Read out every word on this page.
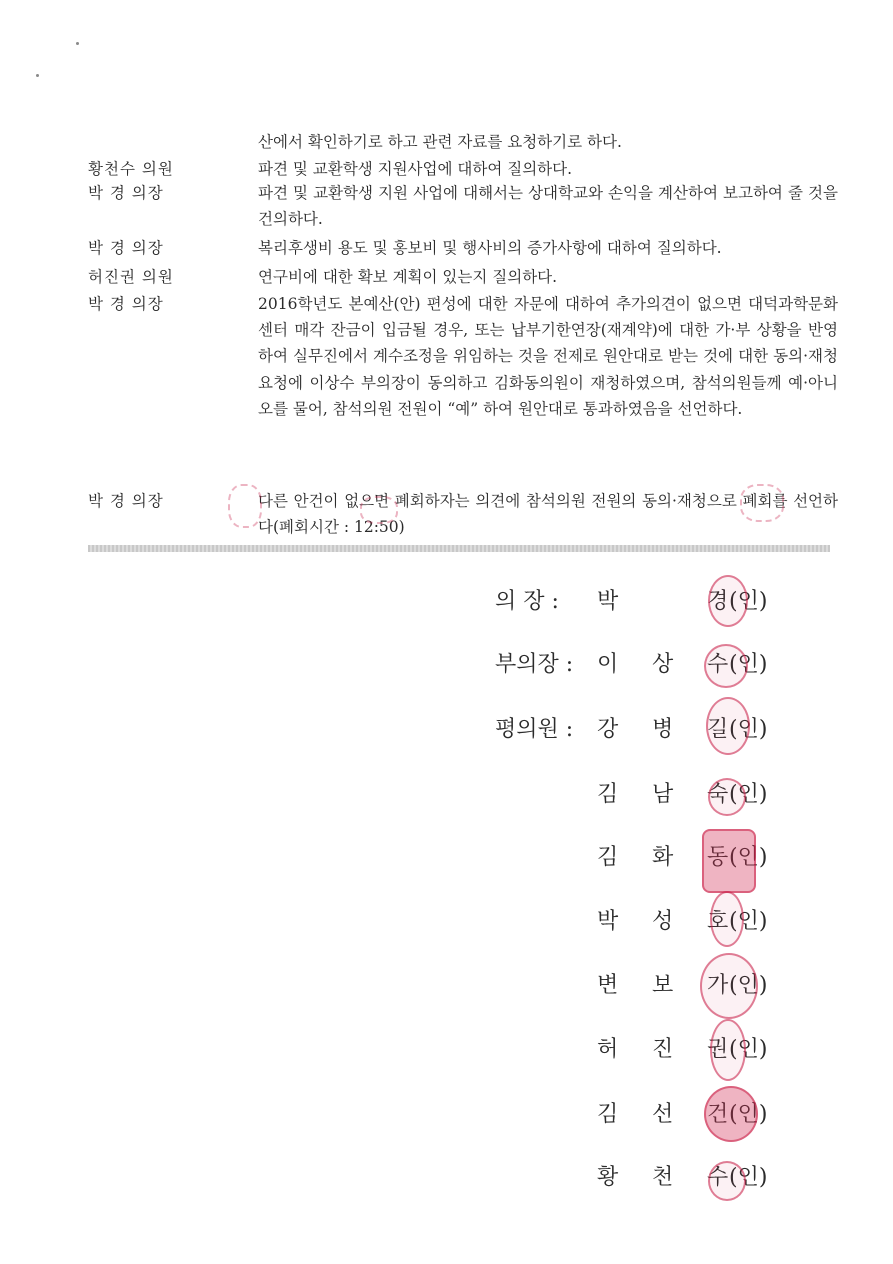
산에서 확인하기로 하고 관련 자료를 요청하기로 하다.
황천수 의원	파견 및 교환학생 지원사업에 대하여 질의하다.
박 경 의장	파견 및 교환학생 지원 사업에 대해서는 상대학교와 손익을 계산하여 보고하여 줄 것을 건의하다.
박 경 의장	복리후생비 용도 및 홍보비 및 행사비의 증가사항에 대하여 질의하다.
허진권 의원	연구비에 대한 확보 계획이 있는지 질의하다.
박 경 의장	2016학년도 본예산(안) 편성에 대한 자문에 대하여 추가의견이 없으면 대덕과학문화센터 매각 잔금이 입금될 경우, 또는 납부기한연장(재계약)에 대한 가·부 상황을 반영하여 실무진에서 계수조정을 위임하는 것을 전제로 원안대로 받는 것에 대한 동의·재청 요청에 이상수 부의장이 동의하고 김화동의원이 재청하였으며, 참석의원들께 예·아니오를 물어, 참석의원 전원이 “예” 하여 원안대로 통과하였음을 선언하다.
박 경 의장	다른 안건이 없으면 폐회하자는 의견에 참석의원 전원의 동의·재청으로 폐회를 선언하다(폐회시간 : 12:50)
의 장 :	박	경 (인)
부의장 :	이 상 수 (인)
평의원 :	강 병 길 (인)
김 남 숙 (인)
김 화 동 (인)
박 성 호 (인)
변 보 가 (인)
허 진 권 (인)
김 선 건 (인)
황 천 수 (인)
